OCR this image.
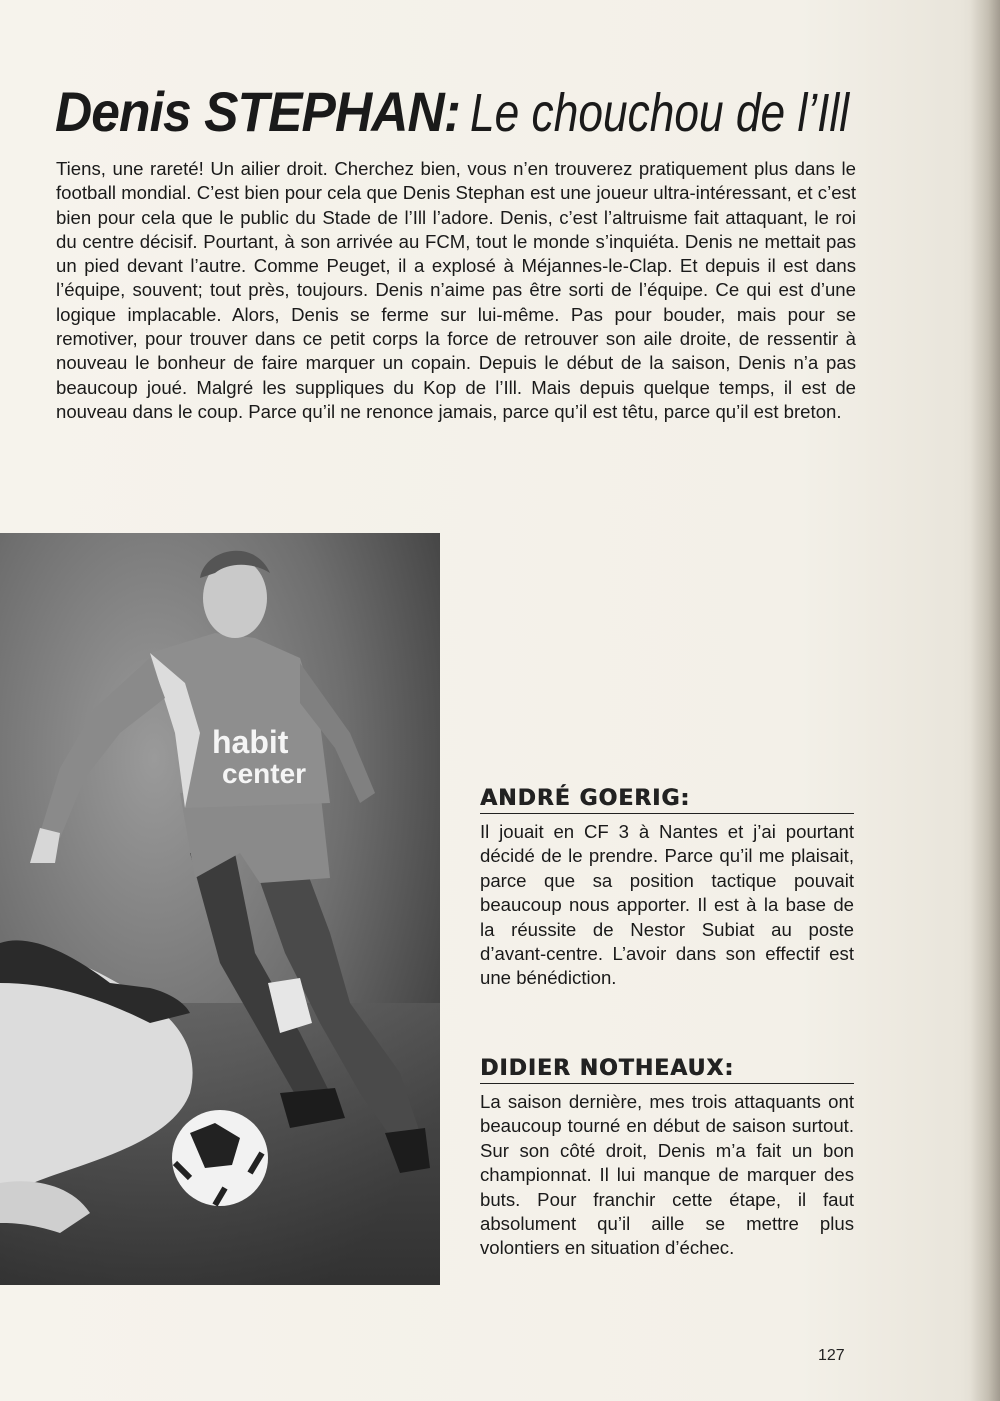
Denis STEPHAN: Le chouchou de l’Ill

Tiens, une rareté! Un ailier droit. Cherchez bien, vous n’en trouverez pratiquement plus dans le football mondial. C’est bien pour cela que Denis Stephan est une joueur ultra-intéressant, et c’est bien pour cela que le public du Stade de l’Ill l’adore. Denis, c’est l’altruisme fait attaquant, le roi du centre décisif. Pourtant, à son arrivée au FCM, tout le monde s’inquiéta. Denis ne mettait pas un pied devant l’autre. Comme Peuget, il a explosé à Méjannes-le-Clap. Et depuis il est dans l’équipe, souvent; tout près, toujours. Denis n’aime pas être sorti de l’équipe. Ce qui est d’une logique implacable. Alors, Denis se ferme sur lui-même. Pas pour bouder, mais pour se remotiver, pour trouver dans ce petit corps la force de retrouver son aile droite, de ressentir à nouveau le bonheur de faire marquer un copain. Depuis le début de la saison, Denis n’a pas beaucoup joué. Malgré les suppliques du Kop de l’Ill. Mais depuis quelque temps, il est de nouveau dans le coup. Parce qu’il ne renonce jamais, parce qu’il est têtu, parce qu’il est breton.

habit
center
ANDRÉ GOERIG:

Il jouait en CF 3 à Nantes et j’ai pourtant décidé de le prendre. Parce qu’il me plaisait, parce que sa position tactique pouvait beaucoup nous apporter. Il est à la base de la réussite de Nestor Subiat au poste d’avant-centre. L’avoir dans son effectif est une bénédiction.

DIDIER NOTHEAUX:

La saison dernière, mes trois attaquants ont beaucoup tourné en début de saison surtout. Sur son côté droit, Denis m’a fait un bon championnat. Il lui manque de marquer des buts. Pour franchir cette étape, il faut absolument qu’il aille se mettre plus volontiers en situation d’échec.

127
